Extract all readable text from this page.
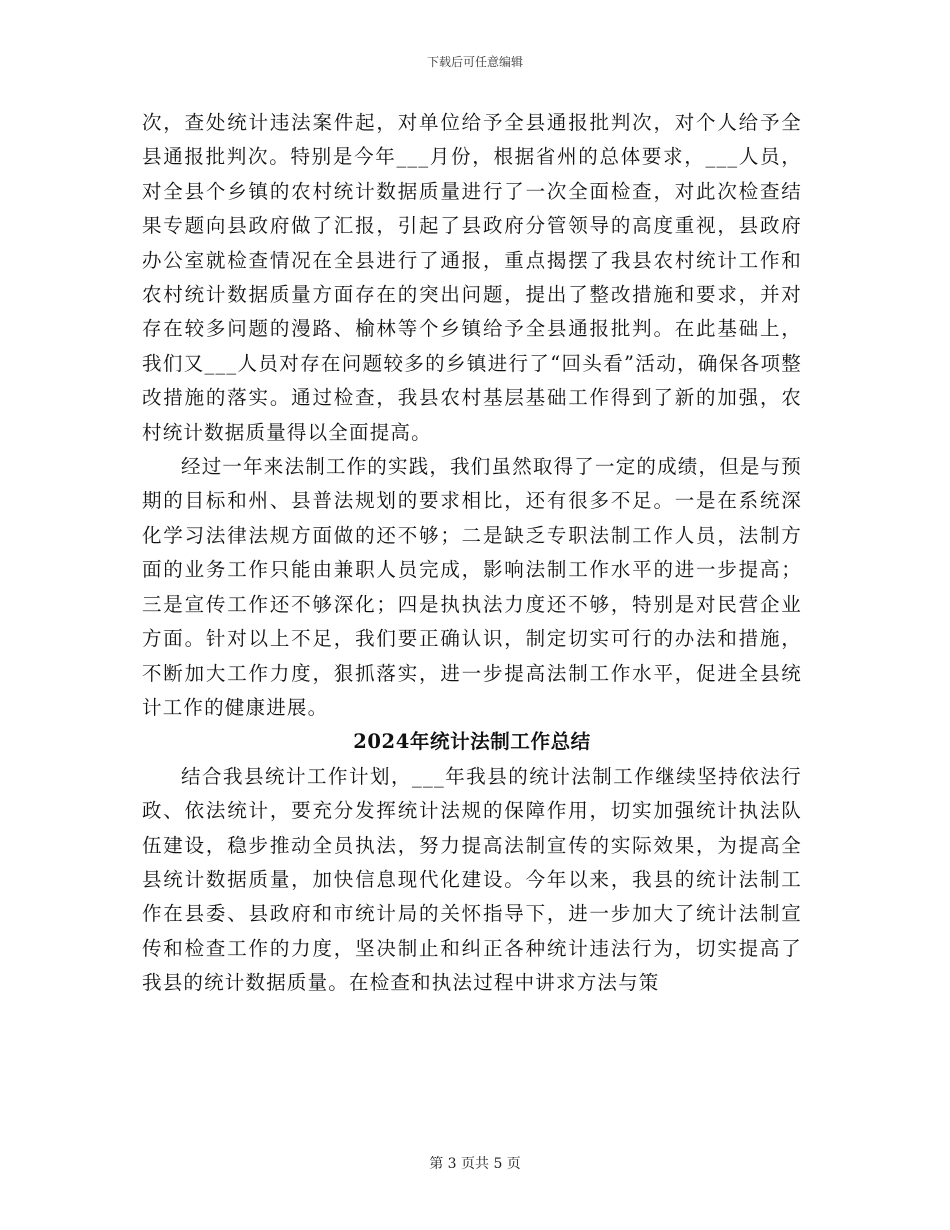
下载后可任意编辑

次，查处统计违法案件起，对单位给予全县通报批判次，对个人给予全县通报批判次。特别是今年___月份，根据省州的总体要求，___人员，对全县个乡镇的农村统计数据质量进行了一次全面检查，对此次检查结果专题向县政府做了汇报，引起了县政府分管领导的高度重视，县政府办公室就检查情况在全县进行了通报，重点揭摆了我县农村统计工作和农村统计数据质量方面存在的突出问题，提出了整改措施和要求，并对存在较多问题的漫路、榆林等个乡镇给予全县通报批判。在此基础上，我们又___人员对存在问题较多的乡镇进行了“回头看”活动，确保各项整改措施的落实。通过检查，我县农村基层基础工作得到了新的加强，农村统计数据质量得以全面提高。

经过一年来法制工作的实践，我们虽然取得了一定的成绩，但是与预期的目标和州、县普法规划的要求相比，还有很多不足。一是在系统深化学习法律法规方面做的还不够；二是缺乏专职法制工作人员，法制方面的业务工作只能由兼职人员完成，影响法制工作水平的进一步提高；三是宣传工作还不够深化；四是执执法力度还不够，特别是对民营企业方面。针对以上不足，我们要正确认识，制定切实可行的办法和措施，不断加大工作力度，狠抓落实，进一步提高法制工作水平，促进全县统计工作的健康进展。

2024年统计法制工作总结

结合我县统计工作计划，___年我县的统计法制工作继续坚持依法行政、依法统计，要充分发挥统计法规的保障作用，切实加强统计执法队伍建设，稳步推动全员执法，努力提高法制宣传的实际效果，为提高全县统计数据质量，加快信息现代化建设。今年以来，我县的统计法制工作在县委、县政府和市统计局的关怀指导下，进一步加大了统计法制宣传和检查工作的力度，坚决制止和纠正各种统计违法行为，切实提高了我县的统计数据质量。在检查和执法过程中讲求方法与策

第 3 页共 5 页
